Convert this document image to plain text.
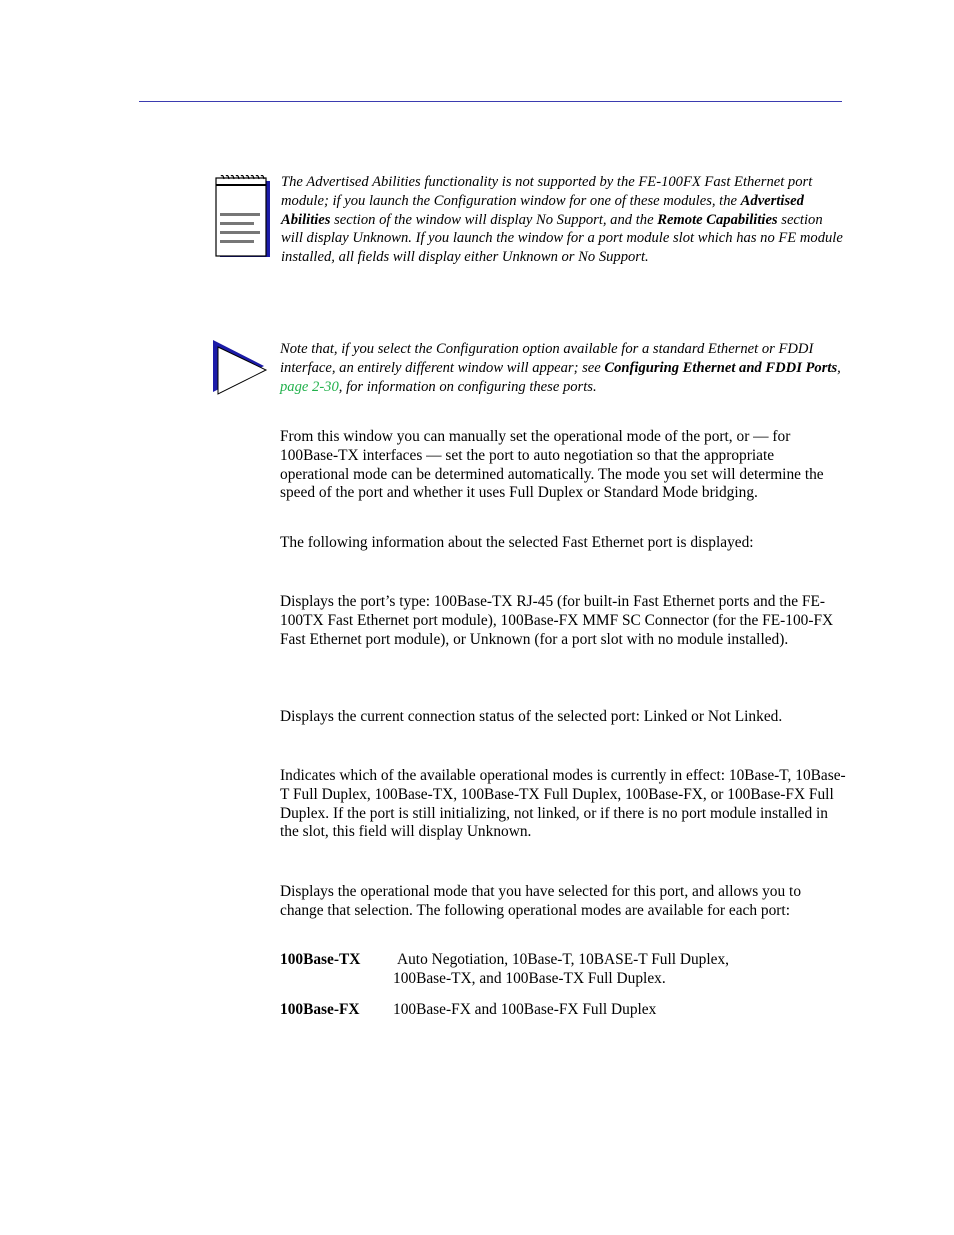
The Advertised Abilities functionality is not supported by the FE-100FX Fast Ethernet port module; if you launch the Configuration window for one of these modules, the Advertised Abilities section of the window will display No Support, and the Remote Capabilities section will display Unknown. If you launch the window for a port module slot which has no FE module installed, all fields will display either Unknown or No Support.

Note that, if you select the Configuration option available for a standard Ethernet or FDDI interface, an entirely different window will appear; see Configuring Ethernet and FDDI Ports, page 2-30, for information on configuring these ports.

From this window you can manually set the operational mode of the port, or — for 100Base-TX interfaces — set the port to auto negotiation so that the appropriate operational mode can be determined automatically. The mode you set will determine the speed of the port and whether it uses Full Duplex or Standard Mode bridging.

The following information about the selected Fast Ethernet port is displayed:

Displays the port’s type: 100Base-TX RJ-45 (for built-in Fast Ethernet ports and the FE-100TX Fast Ethernet port module), 100Base-FX MMF SC Connector (for the FE-100-FX Fast Ethernet port module), or Unknown (for a port slot with no module installed).

Displays the current connection status of the selected port: Linked or Not Linked.

Indicates which of the available operational modes is currently in effect: 10Base-T, 10Base-T Full Duplex, 100Base-TX, 100Base-TX Full Duplex, 100Base-FX, or 100Base-FX Full Duplex. If the port is still initializing, not linked, or if there is no port module installed in the slot, this field will display Unknown.

Displays the operational mode that you have selected for this port, and allows you to change that selection. The following operational modes are available for each port:

100Base-TX Auto Negotiation, 10Base-T, 10BASE-T Full Duplex,
100Base-TX, and 100Base-TX Full Duplex.
100Base-FX 100Base-FX and 100Base-FX Full Duplex
